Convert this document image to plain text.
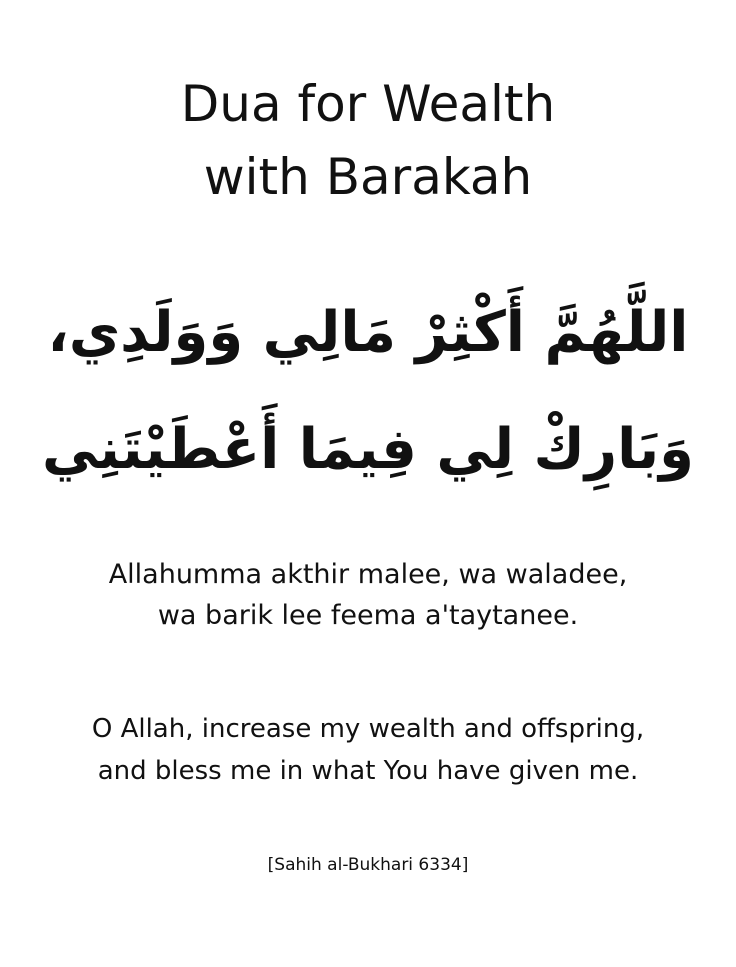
Dua for Wealth
with Barakah

اللَّهُمَّ أَكْثِرْ مَالِي وَوَلَدِي،

وَبَارِكْ لِي فِيمَا أَعْطَيْتَنِي

Allahumma akthir malee, wa waladee,

wa barik lee feema a'taytanee.

O Allah, increase my wealth and offspring,

and bless me in what You have given me.

[Sahih al-Bukhari 6334]
